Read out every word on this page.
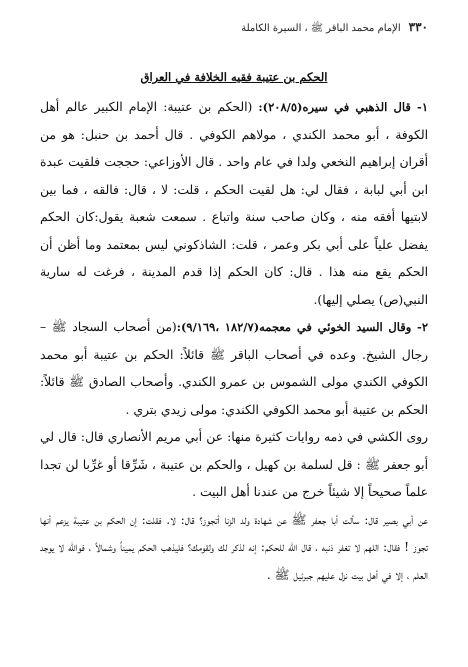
٣٣٠
الإمام محمد الباقر ﷺ ، السيرة الكاملة
الحكم بن عتيبة فقيه الخلافة في العراق

١- قال الذهبي في سيره(٢٠٨/٥): (الحكم بن عتيبة: الإمام الكبير عالم أهل الكوفة ، أبو محمد الكندي ، مولاهم الكوفي . قال أحمد بن حنبل: هو من أقران إبراهيم النخعي ولدا في عام واحد . قال الأوزاعي: حججت فلقيت عبدة ابن أبي لبابة ، فقال لي: هل لقيت الحكم ، قلت: لا ، قال: فالقه ، فما بين لابتيها أفقه منه ، وكان صاحب سنة واتباع . سمعت شعبة يقول:كان الحكم يفضل علياً على أبي بكر وعمر ، قلت: الشاذكوني ليس بمعتمد وما أظن أن الحكم يقع منه هذا . قال: كان الحكم إذا قدم المدينة ، فرغت له سارية النبي(ص) يصلي إليها).

٢- وقال السيد الخوئي في معجمه(١٨٢/٧ ،٩/١٦٩):(من أصحاب السجاد ﷺ – رجال الشيخ. وعده في أصحاب الباقر ﷺ قائلاً: الحكم بن عتيبة أبو محمد الكوفي الكندي مولى الشموس بن عمرو الكندي. وأصحاب الصادق ﷺ قائلاً: الحكم بن عتيبة أبو محمد الكوفي الكندي: مولى زيدي بتري .

روى الكشي في ذمه روايات كثيرة منها: عن أبي مريم الأنصاري قال: قال لي أبو جعفر ﷺ : قل لسلمة بن كهيل ، والحكم بن عتيبة ، شَرِّقا أو غرِّبا لن تجدا علماً صحيحاً إلا شيئاً خرج من عندنا أهل البيت .

عن أبي بصير قال: سألت أبا جعفر ﷺ عن شهادة ولد الزنا أتجوز؟ قال: لا. فقلت: إن الحكم بن عتيبة يزعم أنها تجوز ! فقال: اللهم لا تغفر ذنبه ، قال الله للحكم: إنه لذكر لك ولقومك؟ فليذهب الحكم يميناً وشمالاً ، فوالله لا يوجد العلم ، إلا في أهل بيت نزل عليهم جبرئيل ﷺ .
